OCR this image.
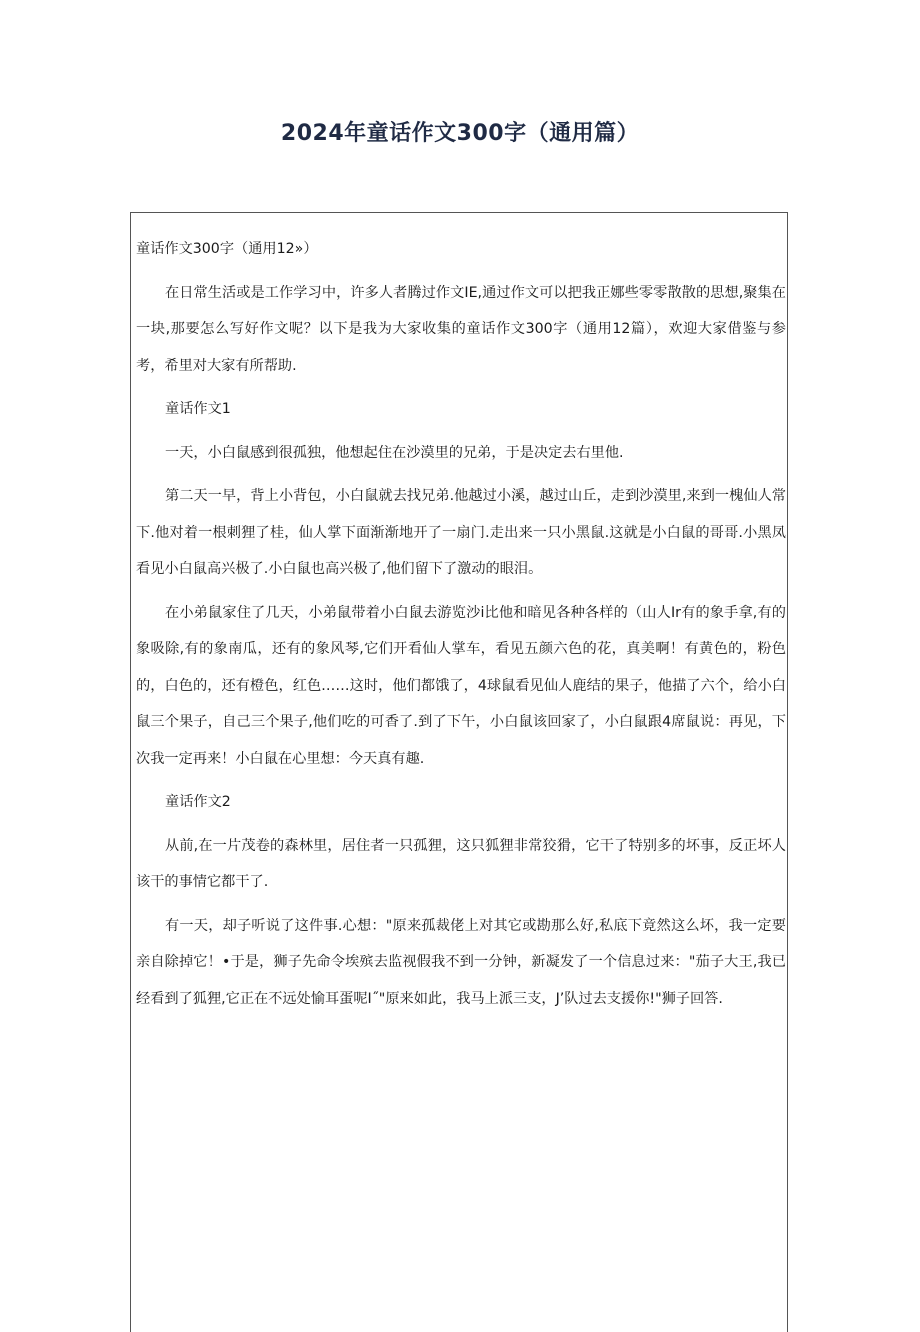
2024年童话作文300字（通用篇）

童话作文300字（通用12»）

在日常生活或是工作学习中，许多人者腾过作文IE,通过作文可以把我正娜些零零散散的思想,聚集在一块,那要怎么写好作文呢？以下是我为大家收集的童话作文300字（通用12篇），欢迎大家借鉴与参考，希里对大家有所帮助.

童话作文1

一天，小白鼠感到很孤独，他想起住在沙漠里的兄弟，于是决定去右里他.

第二天一早，背上小背包，小白鼠就去找兄弟.他越过小溪，越过山丘，走到沙漠里,来到一槐仙人常下.他对着一根刺狸了桂，仙人掌下面渐渐地开了一扇门.走出来一只小黑鼠.这就是小白鼠的哥哥.小黑凤看见小白鼠高兴极了.小白鼠也高兴极了,他们留下了激动的眼泪。

在小弟鼠家住了几天，小弟鼠带着小白鼠去游览沙i比他和暗见各种各样的（山人Ir有的象手拿,有的象吸除,有的象南瓜，还有的象风琴,它们开看仙人掌车，看见五颜六色的花，真美啊！有黄色的，粉色的，白色的，还有橙色，红色……这时，他们都饿了，4球鼠看见仙人鹿结的果子，他描了六个，给小白鼠三个果子，自己三个果子,他们吃的可香了.到了下午，小白鼠该回家了，小白鼠跟4席鼠说：再见，下次我一定再来！小白鼠在心里想：今天真有趣.

童话作文2

从前,在一片茂卷的森林里，居住者一只孤狸，这只狐狸非常狡猾，它干了特别多的坏事，反正坏人该干的事情它都干了.

有一天，却子听说了这件事.心想："原来孤裁佬上对其它或勘那么好,私底下竟然这么坏，我一定要亲自除掉它！•于是，狮子先命令埃殡去监视假我不到一分钟，新凝发了一个信息过来："茄子大王,我已经看到了狐狸,它正在不远处愉耳蛋呢I˝"原来如此，我马上派三支，J’队过去支援你!"狮子回答.
